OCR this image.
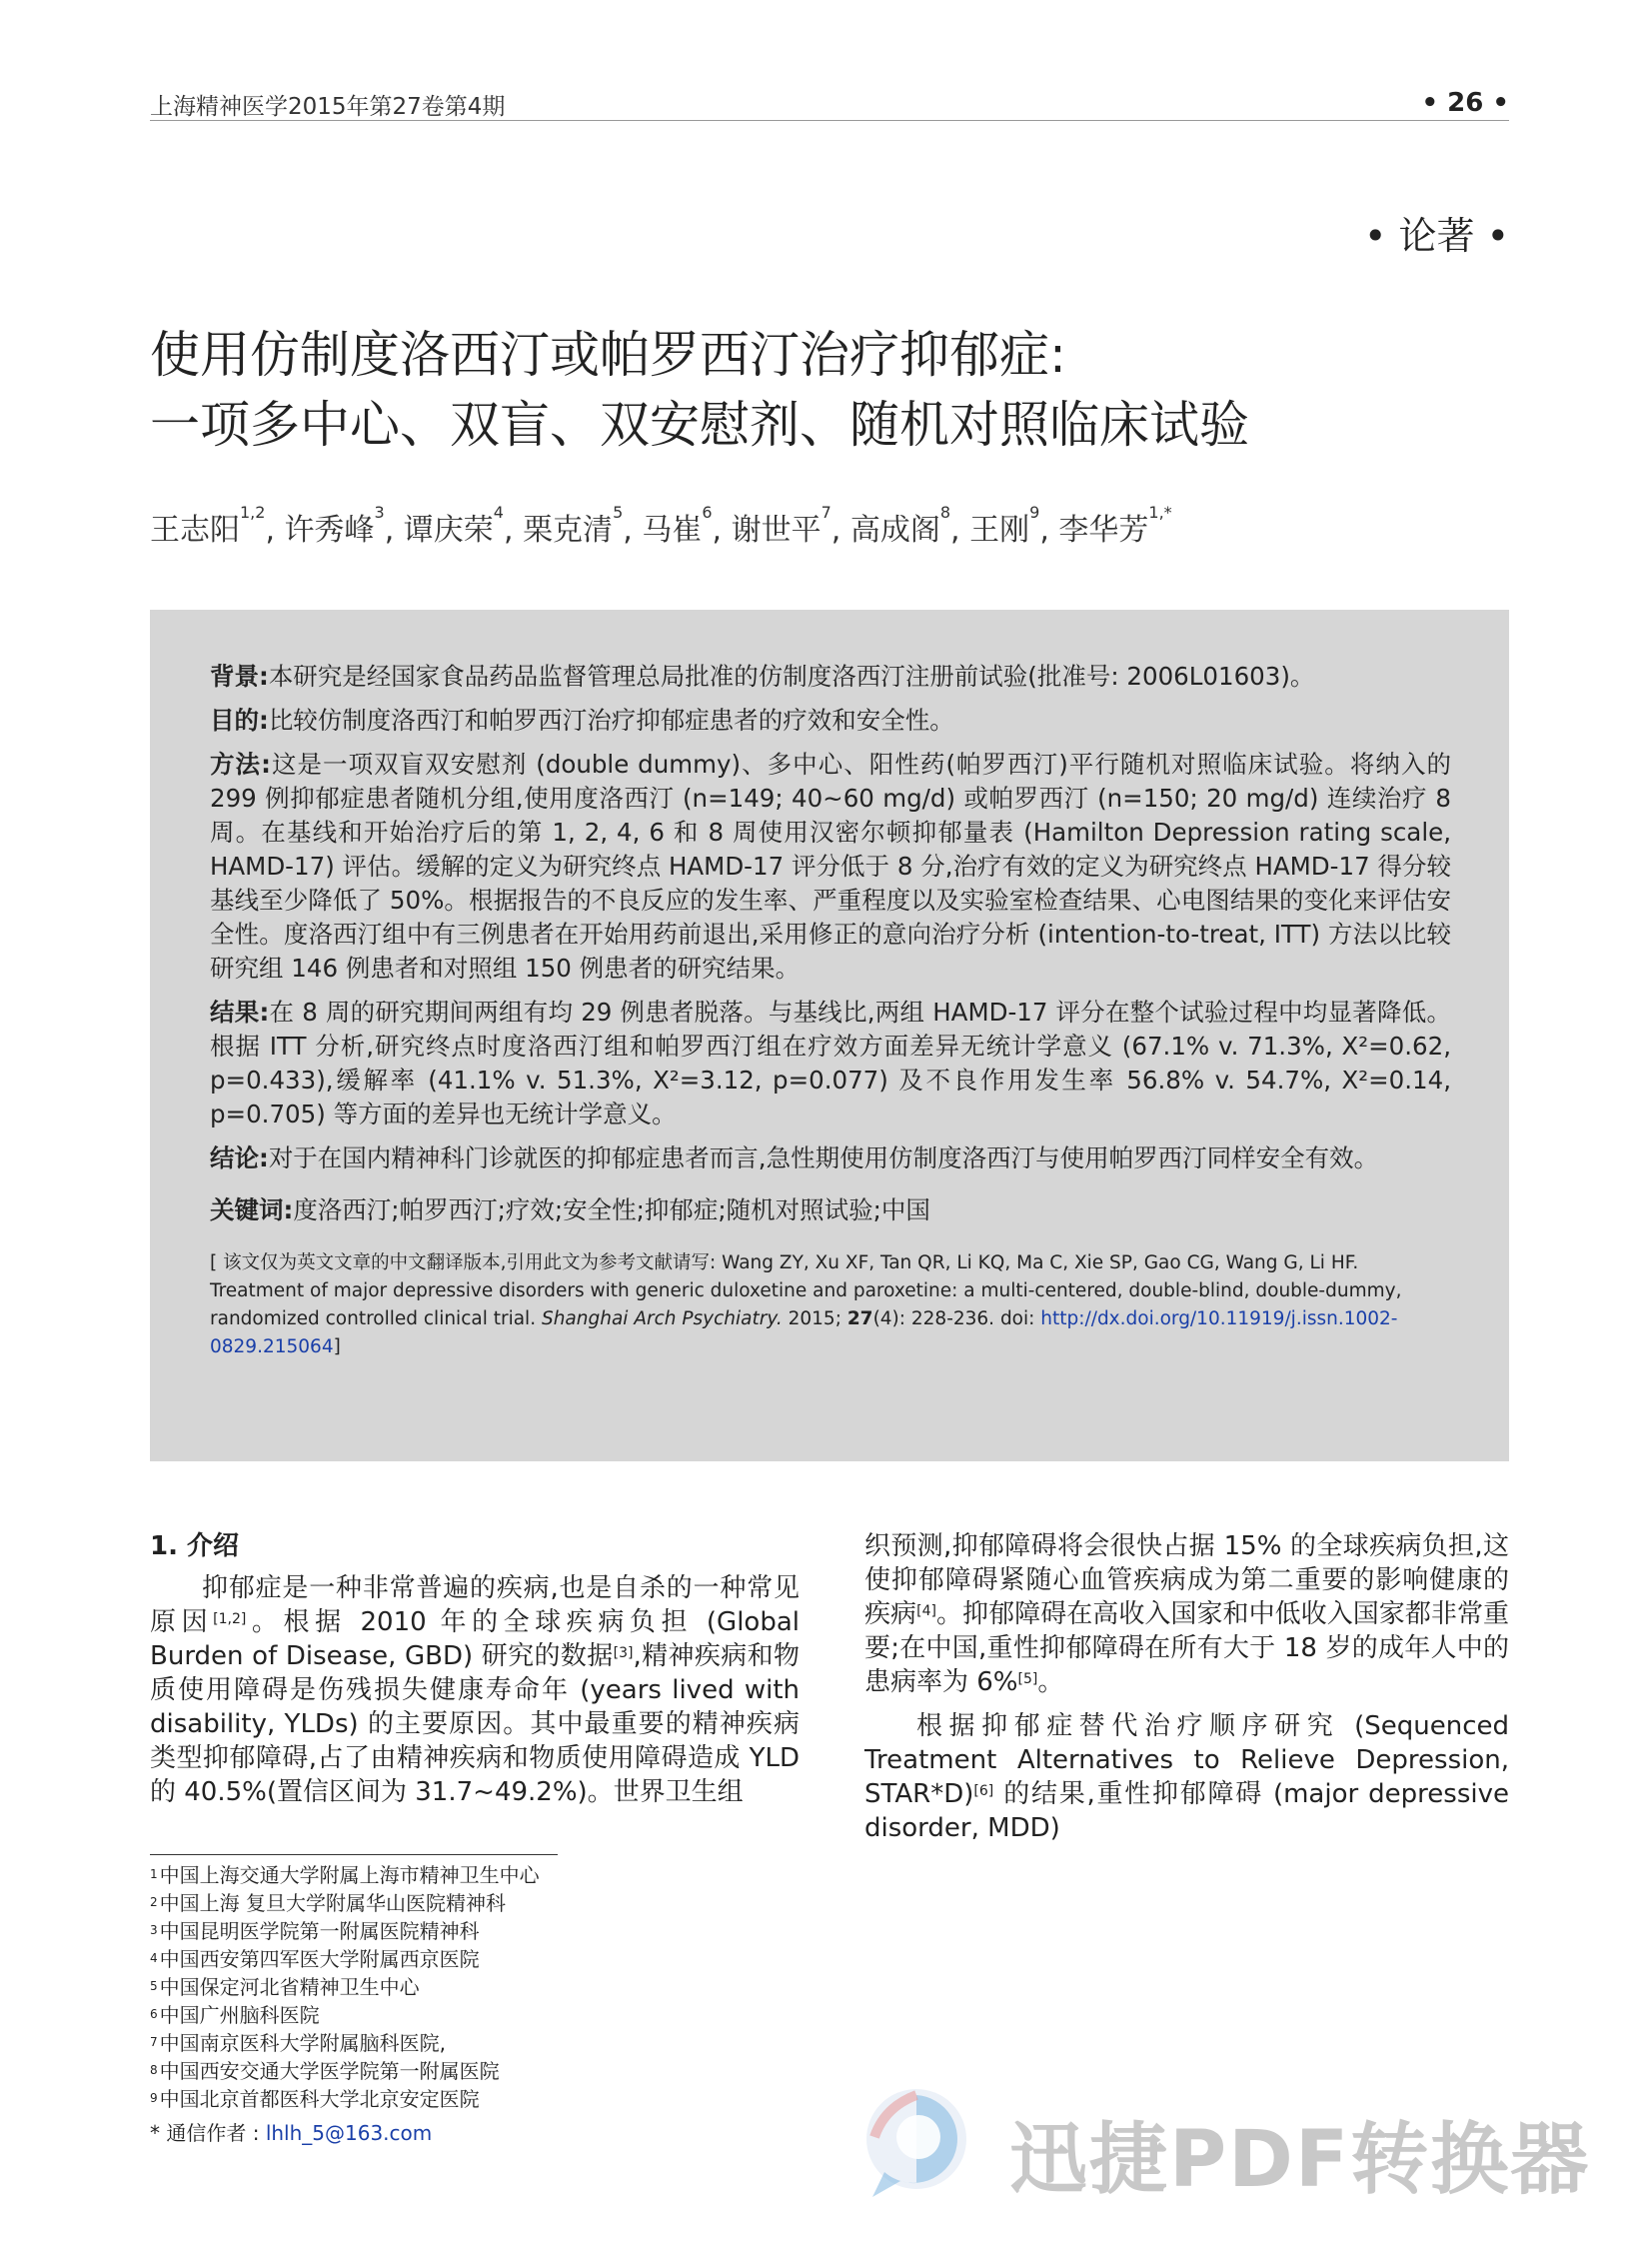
上海精神医学2015年第27卷第4期	• 26 •
• 论著 •
使用仿制度洛西汀或帕罗西汀治疗抑郁症:
一项多中心、双盲、双安慰剂、随机对照临床试验
王志阳$^{1,2}$, 许秀峰$^3$, 谭庆荣$^4$, 栗克清$^5$, 马崔$^6$, 谢世平$^7$, 高成阁$^8$, 王刚$^9$, 李华芳$^{1,*}$

背景:本研究是经国家食品药品监督管理总局批准的仿制度洛西汀注册前试验(批准号: 2006L01603)。

目的:比较仿制度洛西汀和帕罗西汀治疗抑郁症患者的疗效和安全性。

方法:这是一项双盲双安慰剂 (double dummy)、多中心、阳性药(帕罗西汀)平行随机对照临床试验。将纳入的 299 例抑郁症患者随机分组,使用度洛西汀 (n=149; 40~60 mg/d) 或帕罗西汀 (n=150; 20 mg/d) 连续治疗 8 周。在基线和开始治疗后的第 1, 2, 4, 6 和 8 周使用汉密尔顿抑郁量表 (Hamilton Depression rating scale, HAMD-17) 评估。缓解的定义为研究终点 HAMD-17 评分低于 8 分,治疗有效的定义为研究终点 HAMD-17 得分较基线至少降低了 50%。根据报告的不良反应的发生率、严重程度以及实验室检查结果、心电图结果的变化来评估安全性。度洛西汀组中有三例患者在开始用药前退出,采用修正的意向治疗分析 (intention-to-treat, ITT) 方法以比较研究组 146 例患者和对照组 150 例患者的研究结果。

结果:在 8 周的研究期间两组有均 29 例患者脱落。与基线比,两组 HAMD-17 评分在整个试验过程中均显著降低。根据 ITT 分析,研究终点时度洛西汀组和帕罗西汀组在疗效方面差异无统计学意义 (67.1% v. 71.3%, X²=0.62, p=0.433),缓解率 (41.1% v. 51.3%, X²=3.12, p=0.077) 及不良作用发生率 56.8% v. 54.7%, X²=0.14, p=0.705) 等方面的差异也无统计学意义。

结论:对于在国内精神科门诊就医的抑郁症患者而言,急性期使用仿制度洛西汀与使用帕罗西汀同样安全有效。

关键词:度洛西汀;帕罗西汀;疗效;安全性;抑郁症;随机对照试验;中国

[ 该文仅为英文文章的中文翻译版本,引用此文为参考文献请写: Wang ZY, Xu XF, Tan QR, Li KQ, Ma C, Xie SP, Gao CG, Wang G, Li HF. Treatment of major depressive disorders with generic duloxetine and paroxetine: a multi-centered, double-blind, double-dummy, randomized controlled clinical trial. Shanghai Arch Psychiatry. 2015; 27(4): 228-236. doi: http://dx.doi.org/10.11919/j.issn.1002-0829.215064]
1. 介绍

抑郁症是一种非常普遍的疾病,也是自杀的一种常见原因[1,2]。根据 2010 年的全球疾病负担 (Global Burden of Disease, GBD) 研究的数据[3],精神疾病和物质使用障碍是伤残损失健康寿命年 (years lived with disability, YLDs) 的主要原因。其中最重要的精神疾病类型抑郁障碍,占了由精神疾病和物质使用障碍造成 YLD 的 40.5%(置信区间为 31.7~49.2%)。世界卫生组

织预测,抑郁障碍将会很快占据 15% 的全球疾病负担,这使抑郁障碍紧随心血管疾病成为第二重要的影响健康的疾病[4]。抑郁障碍在高收入国家和中低收入国家都非常重要;在中国,重性抑郁障碍在所有大于 18 岁的成年人中的患病率为 6%[5]。

根据抑郁症替代治疗顺序研究 (Sequenced Treatment Alternatives to Relieve Depression, STAR*D)[6] 的结果,重性抑郁障碍 (major depressive disorder, MDD)

$^1$ 中国上海交通大学附属上海市精神卫生中心
$^2$ 中国上海 复旦大学附属华山医院精神科
$^3$ 中国昆明医学院第一附属医院精神科
$^4$ 中国西安第四军医大学附属西京医院
$^5$ 中国保定河北省精神卫生中心
$^6$ 中国广州脑科医院
$^7$ 中国南京医科大学附属脑科医院,
$^8$ 中国西安交通大学医学院第一附属医院
$^9$ 中国北京首都医科大学北京安定医院
* 通信作者 : lhlh_5@163.com	迅捷PDF转换器
